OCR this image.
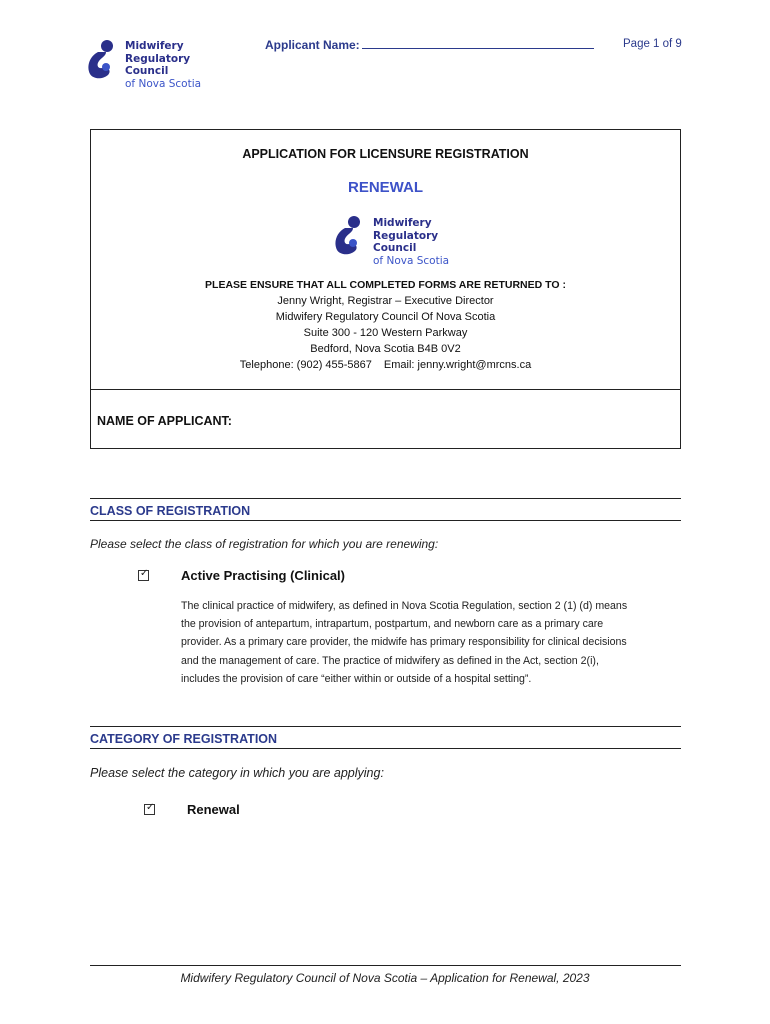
Midwifery
Regulatory Council
of Nova Scotia
Applicant Name:	Page 1 of 9
APPLICATION FOR LICENSURE REGISTRATION
RENEWAL
Midwifery
Regulatory Council
of Nova Scotia
PLEASE ENSURE THAT ALL COMPLETED FORMS ARE RETURNED TO :
Jenny Wright, Registrar – Executive Director
Midwifery Regulatory Council Of Nova Scotia
Suite 300 - 120 Western Parkway
Bedford, Nova Scotia B4B 0V2
Telephone: (902) 455-5867 Email: jenny.wright@mrcns.ca
NAME OF APPLICANT:
CLASS OF REGISTRATION
Please select the class of registration for which you are renewing:
✓	Active Practising (Clinical)
The clinical practice of midwifery, as defined in Nova Scotia Regulation, section 2 (1) (d) means
the provision of antepartum, intrapartum, postpartum, and newborn care as a primary care
provider. As a primary care provider, the midwife has primary responsibility for clinical decisions
and the management of care. The practice of midwifery as defined in the Act, section 2(i),
includes the provision of care “either within or outside of a hospital setting”.
CATEGORY OF REGISTRATION
Please select the category in which you are applying:
✓	Renewal
Midwifery Regulatory Council of Nova Scotia – Application for Renewal, 2023
